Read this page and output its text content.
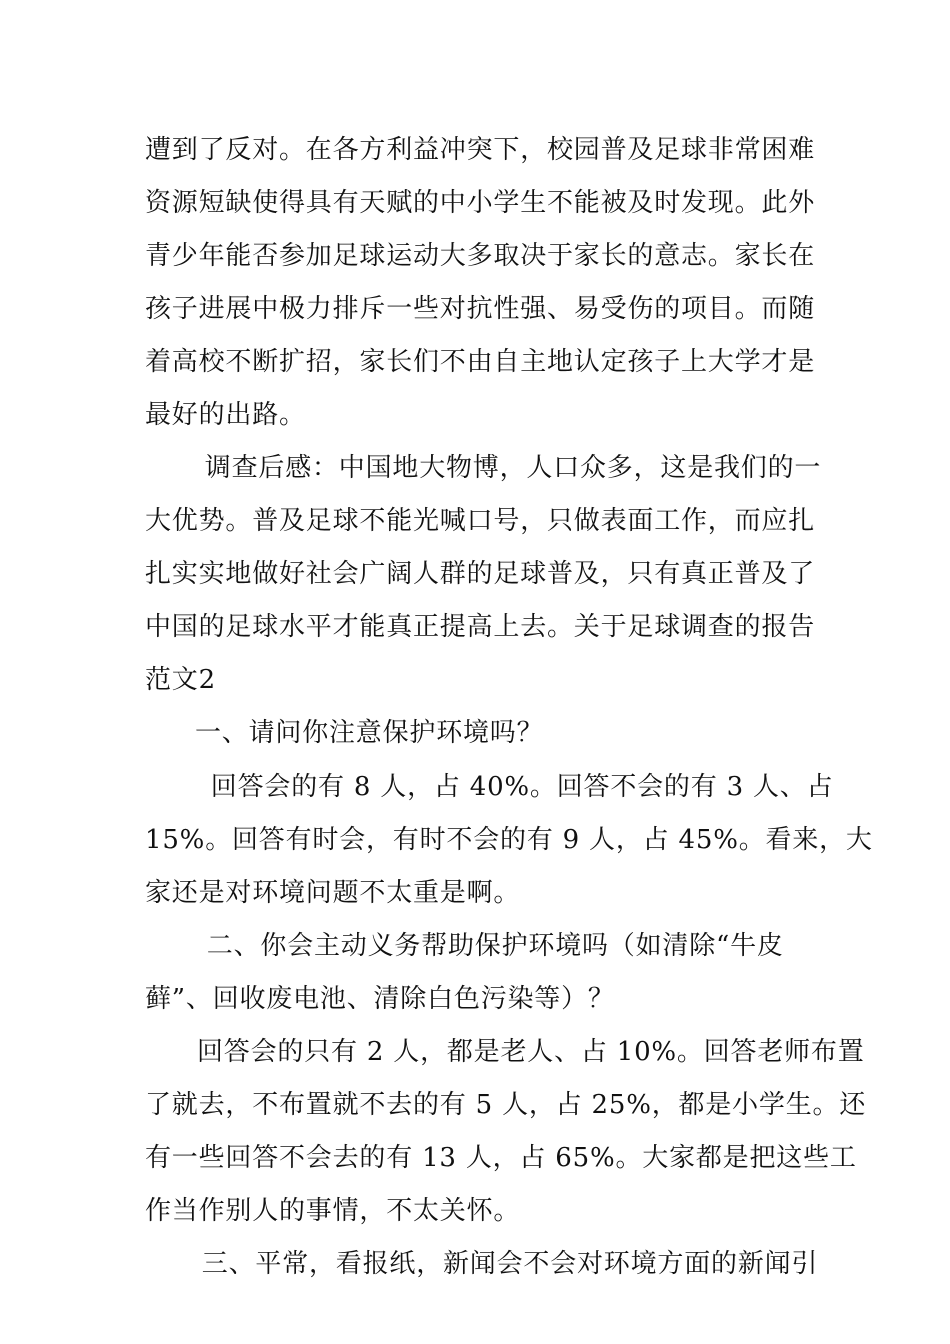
遭到了反对。在各方利益冲突下，校园普及足球非常困难
资源短缺使得具有天赋的中小学生不能被及时发现。此外
青少年能否参加足球运动大多取决于家长的意志。家长在
孩子进展中极力排斥一些对抗性强、易受伤的项目。而随
着高校不断扩招，家长们不由自主地认定孩子上大学才是
最好的出路。
　调查后感：中国地大物博，人口众多，这是我们的一
大优势。普及足球不能光喊口号，只做表面工作，而应扎
扎实实地做好社会广阔人群的足球普及，只有真正普及了
中国的足球水平才能真正提高上去。关于足球调查的报告
范文2
一、请问你注意保护环境吗？
　回答会的有 8 人，占 40%。回答不会的有 3 人、占
15%。回答有时会，有时不会的有 9 人，占 45%。看来，大
家还是对环境问题不太重是啊。
　二、你会主动义务帮助保护环境吗（如清除“牛皮
藓”、回收废电池、清除白色污染等）？
回答会的只有 2 人，都是老人、占 10%。回答老师布置
了就去，不布置就不去的有 5 人，占 25%，都是小学生。还
有一些回答不会去的有 13 人，占 65%。大家都是把这些工
作当作别人的事情，不太关怀。
　三、平常，看报纸，新闻会不会对环境方面的新闻引
